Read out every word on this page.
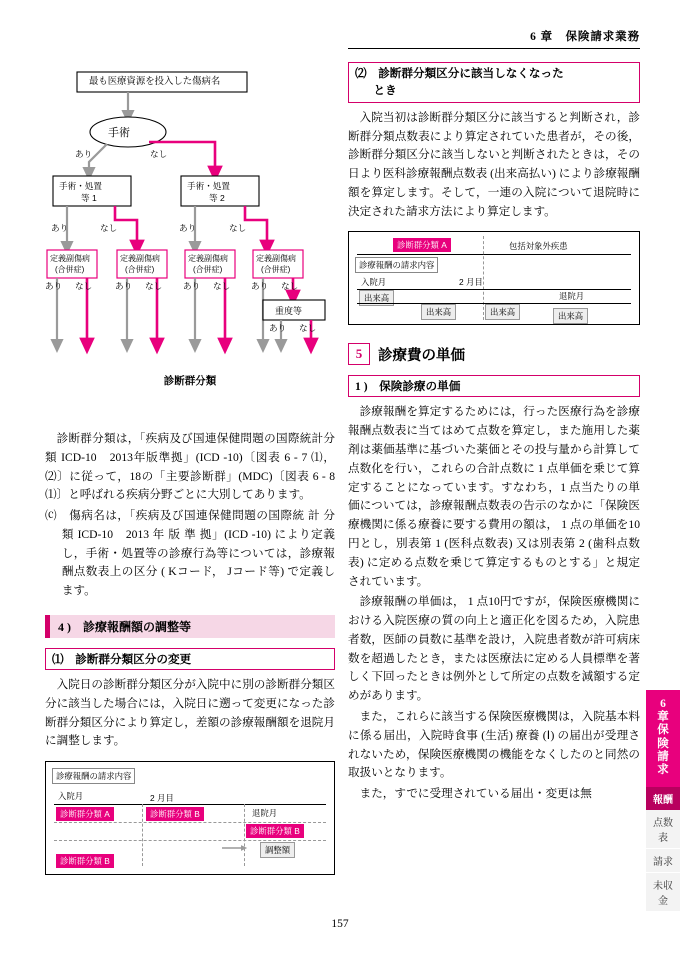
6 章　保険請求業務
最も医療資源を投入した傷病名
手術
あり	なし
手術・処置
等 1
手術・処置
等 2
あり	なし	あり	なし
定義副傷病
(合併症)
定義副傷病
(合併症)
定義副傷病
(合併症)
定義副傷病
(合併症)
あり なし	あり なし あり なし あり なし
重度等
あり なし
診断群分類

診断群分類は，「疾病及び国連保健問題の国際統計分類 ICD-10　2013年版準拠」(ICD -10)〔図表 6 - 7 ⑴，⑵〕に従って，18の「主要診断群」(MDC)〔図表 6 - 8 ⑴〕と呼ばれる疾病分野ごとに大別してあります。

⒞　傷病名は，「疾病及び国連保健問題の国際統 計 分 類 ICD-10　2013 年 版 準 拠」(ICD -10) により定義し，手術・処置等の診療行為等については，診療報酬点数表上の区分 ( Kコード， Jコード等) で定義します。

4 )　診療報酬額の調整等
⑴　診断群分類区分の変更

入院日の診断群分類区分が入院中に別の診断群分類区分に該当した場合には，入院日に遡って変更になった診断群分類区分により算定し，差額の診療報酬額を退院月に調整します。

診療報酬の請求内容
入院月
診断群分類 A
2 月目
診断群分類 B	退院月
診断群分類 B
調整額
診断群分類 B
⑵　診断群分類区分に該当しなくなった
とき

入院当初は診断群分類区分に該当すると判断され，診断群分類点数表により算定されていた患者が，その後，診断群分類区分に該当しないと判断されたときは，その日より医科診療報酬点数表 (出来高払い) により診療報酬額を算定します。そして，一連の入院について退院時に決定された請求方法により算定します。

診断群分類 A	包括対象外疾患
診療報酬の請求内容
入院月
出来高
2 月目
出来高	出来高
退院月
出来高
5	診療費の単価
1 )　保険診療の単価

診療報酬を算定するためには，行った医療行為を診療報酬点数表に当てはめて点数を算定し，また施用した薬剤は薬価基準に基づいた薬価とその投与量から計算して点数化を行い，これらの合計点数に 1 点単価を乗じて算定することになっています。すなわち，1 点当たりの単価については，診療報酬点数表の告示のなかに「保険医療機関に係る療養に要する費用の額は， 1 点の単価を10円とし，別表第 1 (医科点数表) 又は別表第 2 (歯科点数表) に定める点数を乗じて算定するものとする」と規定されています。

診療報酬の単価は， 1 点10円ですが，保険医療機関における入院医療の質の向上と適正化を図るため，入院患者数，医師の員数に基準を設け，入院患者数が許可病床数を超過したとき，または医療法に定める人員標準を著しく下回ったときは例外として所定の点数を減額する定めがあります。

また，これらに該当する保険医療機関は，入院基本料に係る届出，入院時食事 (生活) 療養 (Ⅰ) の届出が受理されないため，保険医療機関の機能をなくしたのと同然の取扱いとなります。

また，すでに受理されている届出・変更は無

6 章
保険請求
報酬
点数表
請求
未収金
157
